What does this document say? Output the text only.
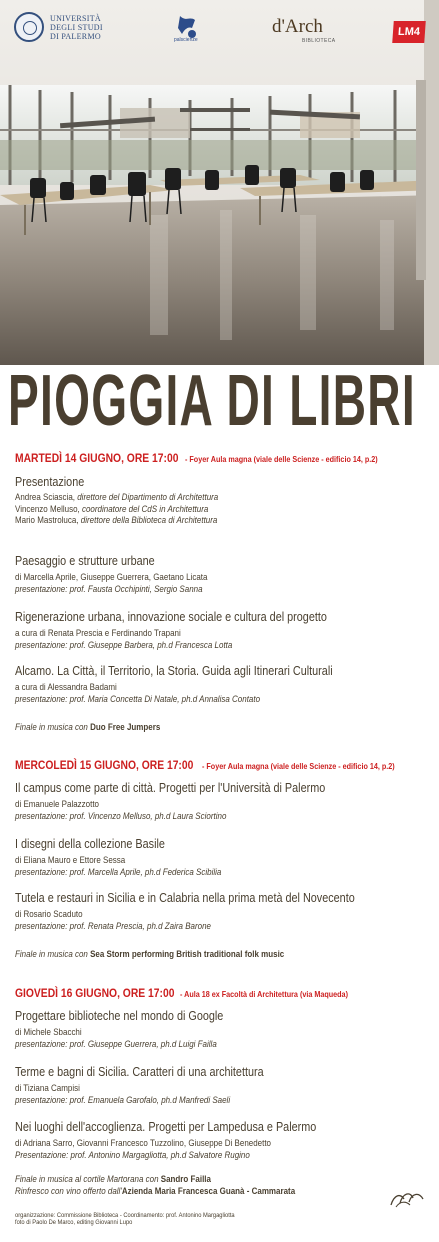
UNIVERSITÀ
DEGLI STUDI
DI PALERMO	palscienze
d'Arch
BIBLIOTECA
LM4
PIOGGIA DI LIBRI
MARTEDÌ 14 GIUGNO, ORE 17:00- Foyer Aula magna (viale delle Scienze - edificio 14, p.2)
Presentazione
Andrea Sciascia, direttore del Dipartimento di Architettura
Vincenzo Melluso, coordinatore del CdS in Architettura
Mario Mastroluca, direttore della Biblioteca di Architettura
Paesaggio e strutture urbane
di Marcella Aprile, Giuseppe Guerrera, Gaetano Licata
presentazione: prof. Fausta Occhipinti, Sergio Sanna
Rigenerazione urbana, innovazione sociale e cultura del progetto
a cura di Renata Prescia e Ferdinando Trapani
presentazione: prof. Giuseppe Barbera, ph.d Francesca Lotta
Alcamo. La Città, il Territorio, la Storia. Guida agli Itinerari Culturali
a cura di Alessandra Badami
presentazione: prof. Maria Concetta Di Natale, ph.d Annalisa Contato
Finale in musica con Duo Free Jumpers
MERCOLEDÌ 15 GIUGNO, ORE 17:00- Foyer Aula magna (viale delle Scienze - edificio 14, p.2)
Il campus come parte di città. Progetti per l'Università di Palermo
di Emanuele Palazzotto
presentazione: prof. Vincenzo Melluso, ph.d Laura Sciortino
I disegni della collezione Basile
di Eliana Mauro e Ettore Sessa
presentazione: prof. Marcella Aprile, ph.d Federica Scibilia
Tutela e restauri in Sicilia e in Calabria nella prima metà del Novecento
di Rosario Scaduto
presentazione: prof. Renata Prescia, ph.d Zaira Barone
Finale in musica con Sea Storm performing British traditional folk music
GIOVEDÌ 16 GIUGNO, ORE 17:00- Aula 18 ex Facoltà di Architettura (via Maqueda)
Progettare biblioteche nel mondo di Google
di Michele Sbacchi
presentazione: prof. Giuseppe Guerrera, ph.d Luigi Failla
Terme e bagni di Sicilia. Caratteri di una architettura
di Tiziana Campisi
presentazione: prof. Emanuela Garofalo, ph.d Manfredi Saeli
Nei luoghi dell'accoglienza. Progetti per Lampedusa e Palermo
di Adriana Sarro, Giovanni Francesco Tuzzolino, Giuseppe Di Benedetto
Presentazione: prof. Antonino Margagliotta, ph.d Salvatore Rugino
Finale in musica al cortile Martorana con Sandro Failla
Rinfresco con vino offerto dall'Azienda Maria Francesca Guanà - Cammarata
organizzazione: Commissione Biblioteca - Coordinamento: prof. Antonino Margagliotta
foto di Paolo De Marco, editing Giovanni Lupo
